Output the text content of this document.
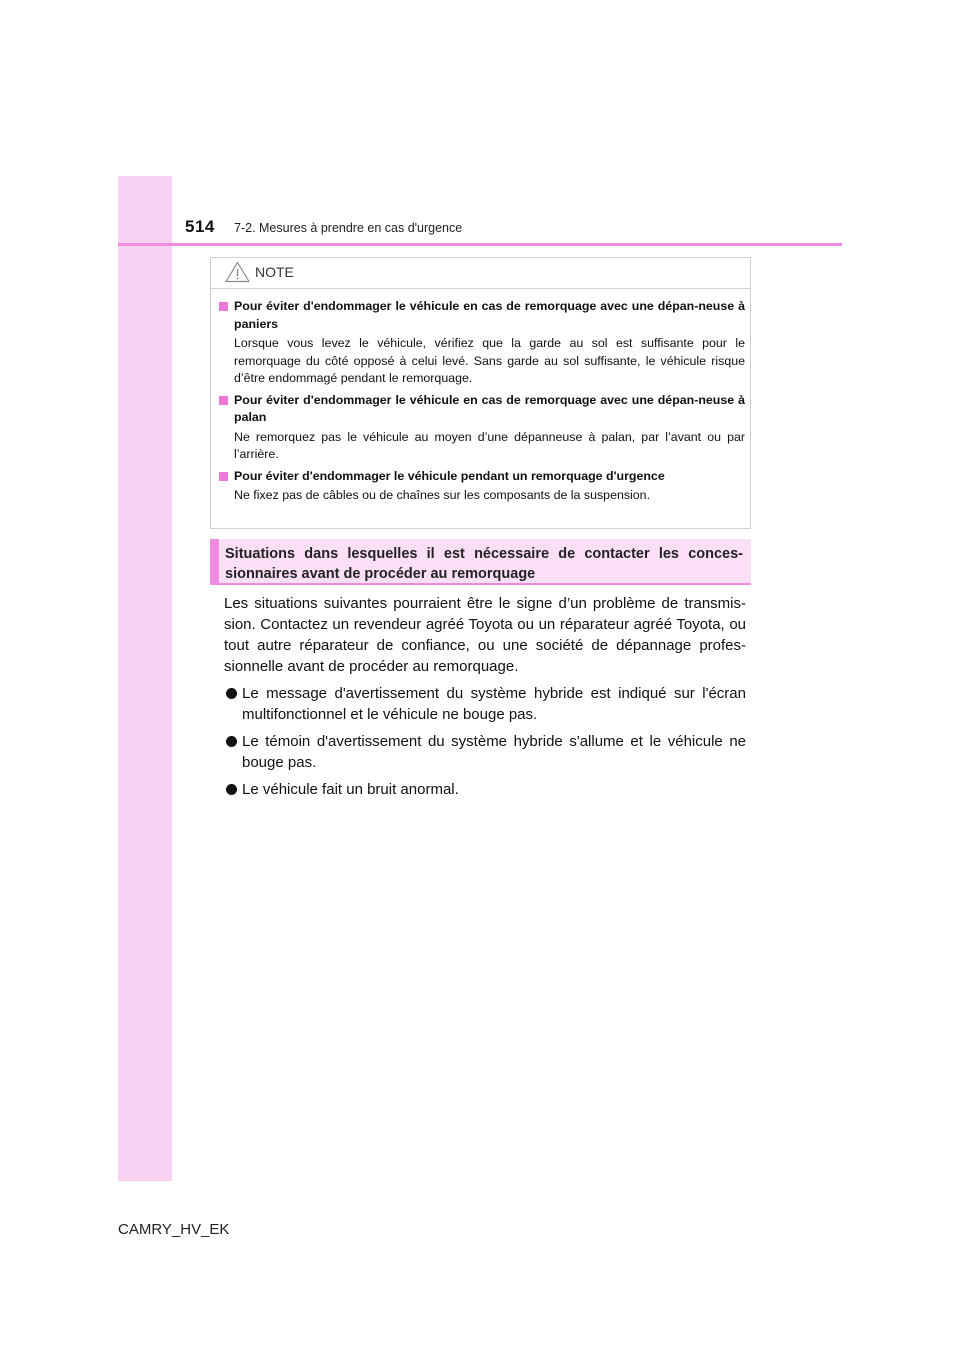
514 7-2. Mesures à prendre en cas d'urgence
NOTE
Pour éviter d'endommager le véhicule en cas de remorquage avec une dépan-neuse à paniers
Lorsque vous levez le véhicule, vérifiez que la garde au sol est suffisante pour le remorquage du côté opposé à celui levé. Sans garde au sol suffisante, le véhicule risque d’être endommagé pendant le remorquage.
Pour éviter d'endommager le véhicule en cas de remorquage avec une dépan-neuse à palan
Ne remorquez pas le véhicule au moyen d’une dépanneuse à palan, par l’avant ou par l’arrière.
Pour éviter d'endommager le véhicule pendant un remorquage d'urgence
Ne fixez pas de câbles ou de chaînes sur les composants de la suspension.
Situations dans lesquelles il est nécessaire de contacter les conces-sionnaires avant de procéder au remorquage

Les situations suivantes pourraient être le signe d’un problème de transmis-sion. Contactez un revendeur agréé Toyota ou un réparateur agréé Toyota, ou tout autre réparateur de confiance, ou une société de dépannage profes-sionnelle avant de procéder au remorquage.

Le message d'avertissement du système hybride est indiqué sur l'écran multifonctionnel et le véhicule ne bouge pas.
Le témoin d'avertissement du système hybride s'allume et le véhicule ne bouge pas.
Le véhicule fait un bruit anormal.
CAMRY_HV_EK
